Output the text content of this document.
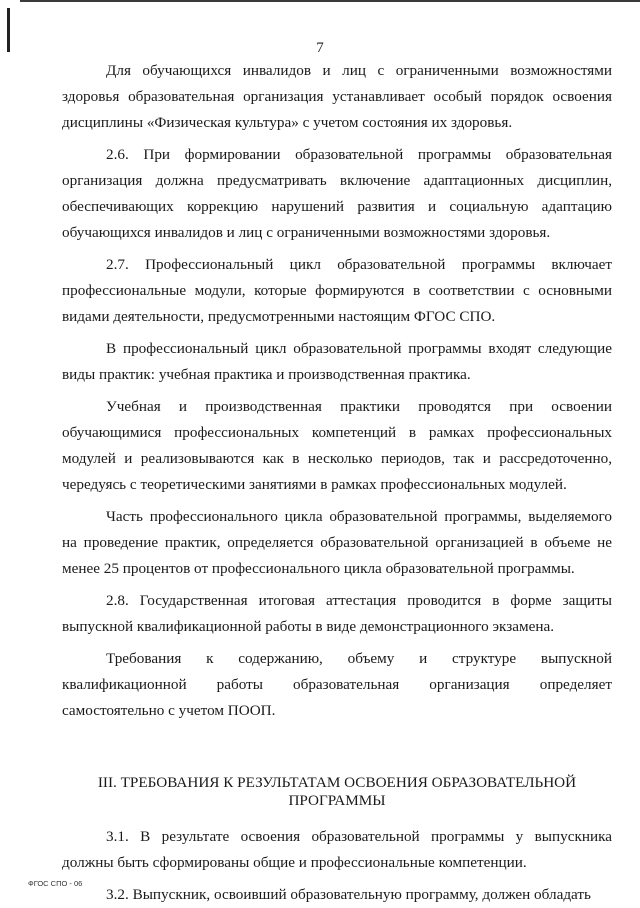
7

Для обучающихся инвалидов и лиц с ограниченными возможностями здоровья образовательная организация устанавливает особый порядок освоения дисциплины «Физическая культура» с учетом состояния их здоровья.

2.6. При формировании образовательной программы образовательная организация должна предусматривать включение адаптационных дисциплин, обеспечивающих коррекцию нарушений развития и социальную адаптацию обучающихся инвалидов и лиц с ограниченными возможностями здоровья.

2.7. Профессиональный цикл образовательной программы включает профессиональные модули, которые формируются в соответствии с основными видами деятельности, предусмотренными настоящим ФГОС СПО.

В профессиональный цикл образовательной программы входят следующие виды практик: учебная практика и производственная практика.

Учебная и производственная практики проводятся при освоении обучающимися профессиональных компетенций в рамках профессиональных модулей и реализовываются как в несколько периодов, так и рассредоточенно, чередуясь с теоретическими занятиями в рамках профессиональных модулей.

Часть профессионального цикла образовательной программы, выделяемого на проведение практик, определяется образовательной организацией в объеме не менее 25 процентов от профессионального цикла образовательной программы.

2.8. Государственная итоговая аттестация проводится в форме защиты выпускной квалификационной работы в виде демонстрационного экзамена.

Требования к содержанию, объему и структуре выпускной квалификационной работы образовательная организация определяет самостоятельно с учетом ПООП.

III. ТРЕБОВАНИЯ К РЕЗУЛЬТАТАМ ОСВОЕНИЯ ОБРАЗОВАТЕЛЬНОЙ
ПРОГРАММЫ

3.1. В результате освоения образовательной программы у выпускника должны быть сформированы общие и профессиональные компетенции.

3.2. Выпускник, освоивший образовательную программу, должен обладать

ФГОС СПО - 06
